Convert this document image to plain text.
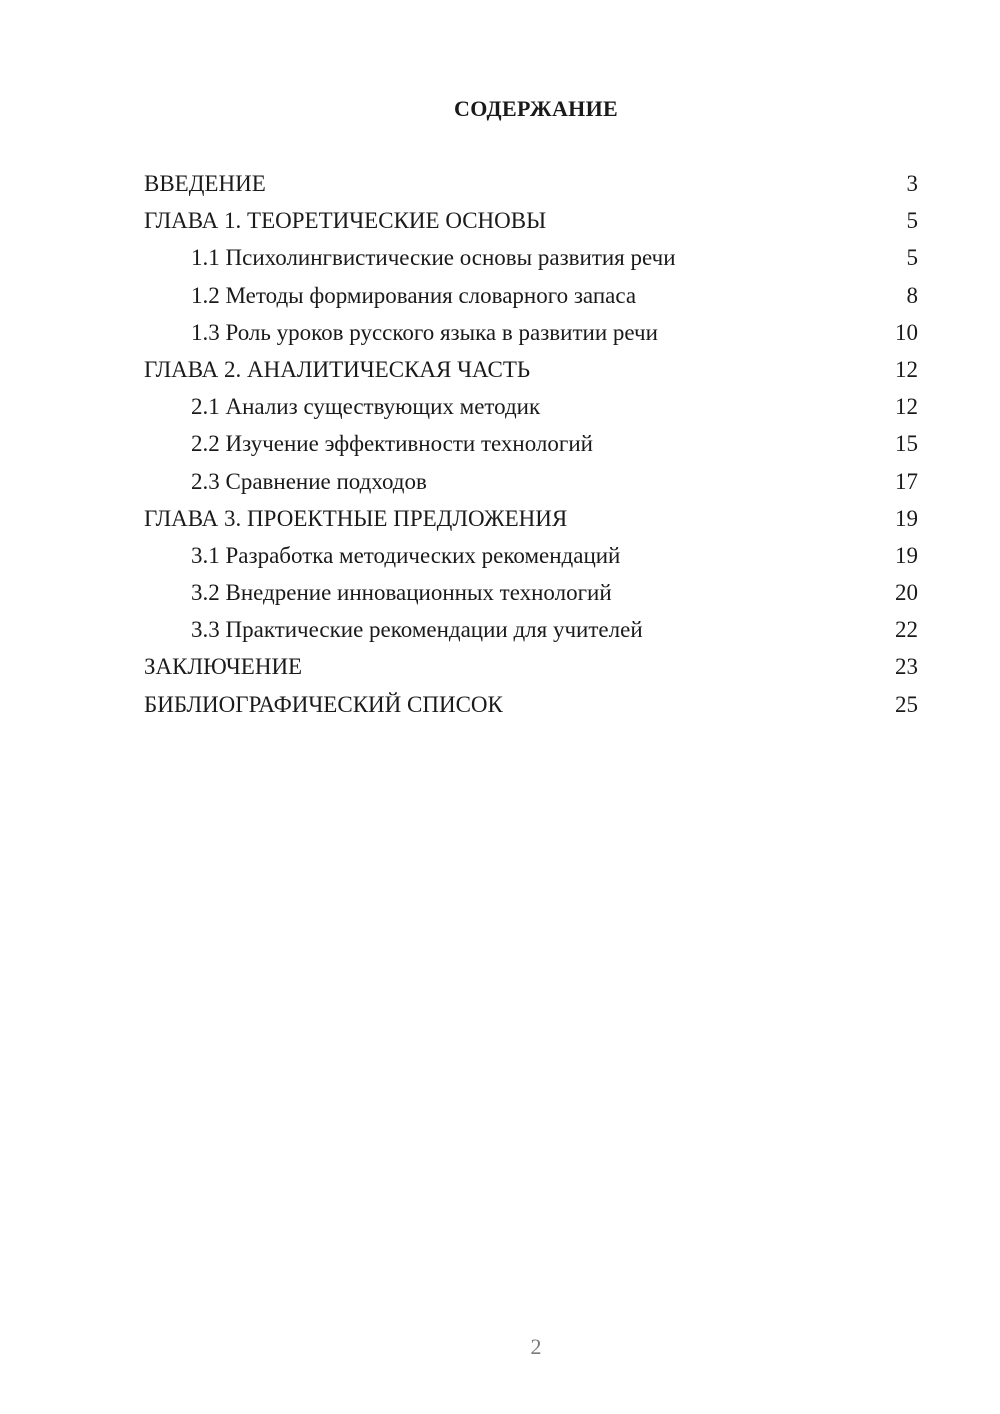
СОДЕРЖАНИЕ
ВВЕДЕНИЕ	3
ГЛАВА 1. ТЕОРЕТИЧЕСКИЕ ОСНОВЫ	5
1.1 Психолингвистические основы развития речи	5
1.2 Методы формирования словарного запаса	8
1.3 Роль уроков русского языка в развитии речи	10
ГЛАВА 2. АНАЛИТИЧЕСКАЯ ЧАСТЬ	12
2.1 Анализ существующих методик	12
2.2 Изучение эффективности технологий	15
2.3 Сравнение подходов	17
ГЛАВА 3. ПРОЕКТНЫЕ ПРЕДЛОЖЕНИЯ	19
3.1 Разработка методических рекомендаций	19
3.2 Внедрение инновационных технологий	20
3.3 Практические рекомендации для учителей	22
ЗАКЛЮЧЕНИЕ	23
БИБЛИОГРАФИЧЕСКИЙ СПИСОК	25
2
